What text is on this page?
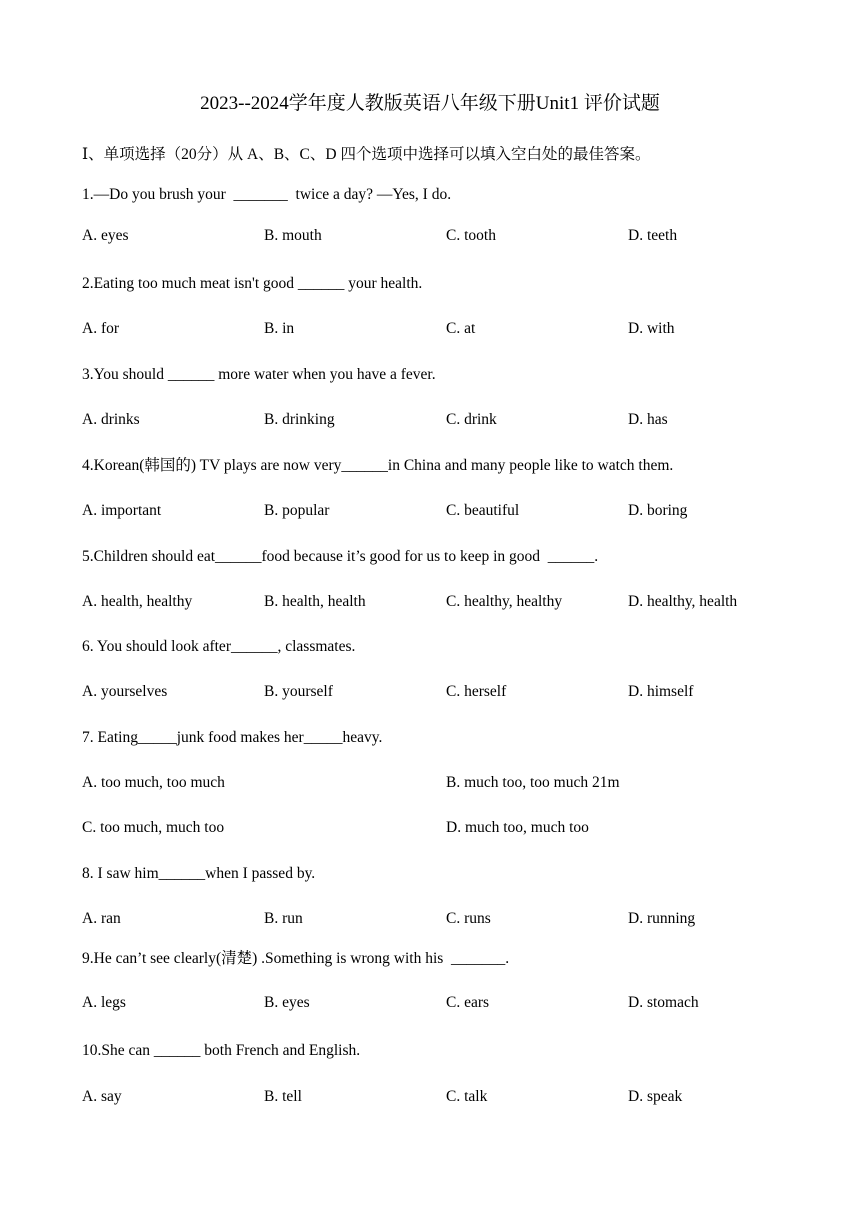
2023--2024学年度人教版英语八年级下册Unit1 评价试题
Ⅰ、单项选择（20分）从 A、B、C、D 四个选项中选择可以填入空白处的最佳答案。
1.—Do you brush your  _______  twice a day? —Yes, I do.
A. eyes	B. mouth	C. tooth	D. teeth
2.Eating too much meat isn't good ______ your health.
A. for	B. in	C. at	D. with
3.You should ______ more water when you have a fever.
A. drinks	B. drinking	C. drink	D. has
4.Korean(韩国的) TV plays are now very______in China and many people like to watch them.
A. important	B. popular	C. beautiful	D. boring
5.Children should eat______food because it’s good for us to keep in good  ______.
A. health, healthy	B. health, health	C. healthy, healthy	D. healthy, health
6. You should look after______, classmates.
A. yourselves	B. yourself	C. herself	D. himself
7. Eating_____junk food makes her_____heavy.
A. too much, too much	B. much too, too much 21m
C. too much, much too	D. much too, much too
8. I saw him______when I passed by.
A. ran	B. run	C. runs	D. running
9.He can’t see clearly(清楚) .Something is wrong with his  _______.
A. legs	B. eyes	C. ears	D. stomach
10.She can ______ both French and English.
A. say	B. tell	C. talk	D. speak
